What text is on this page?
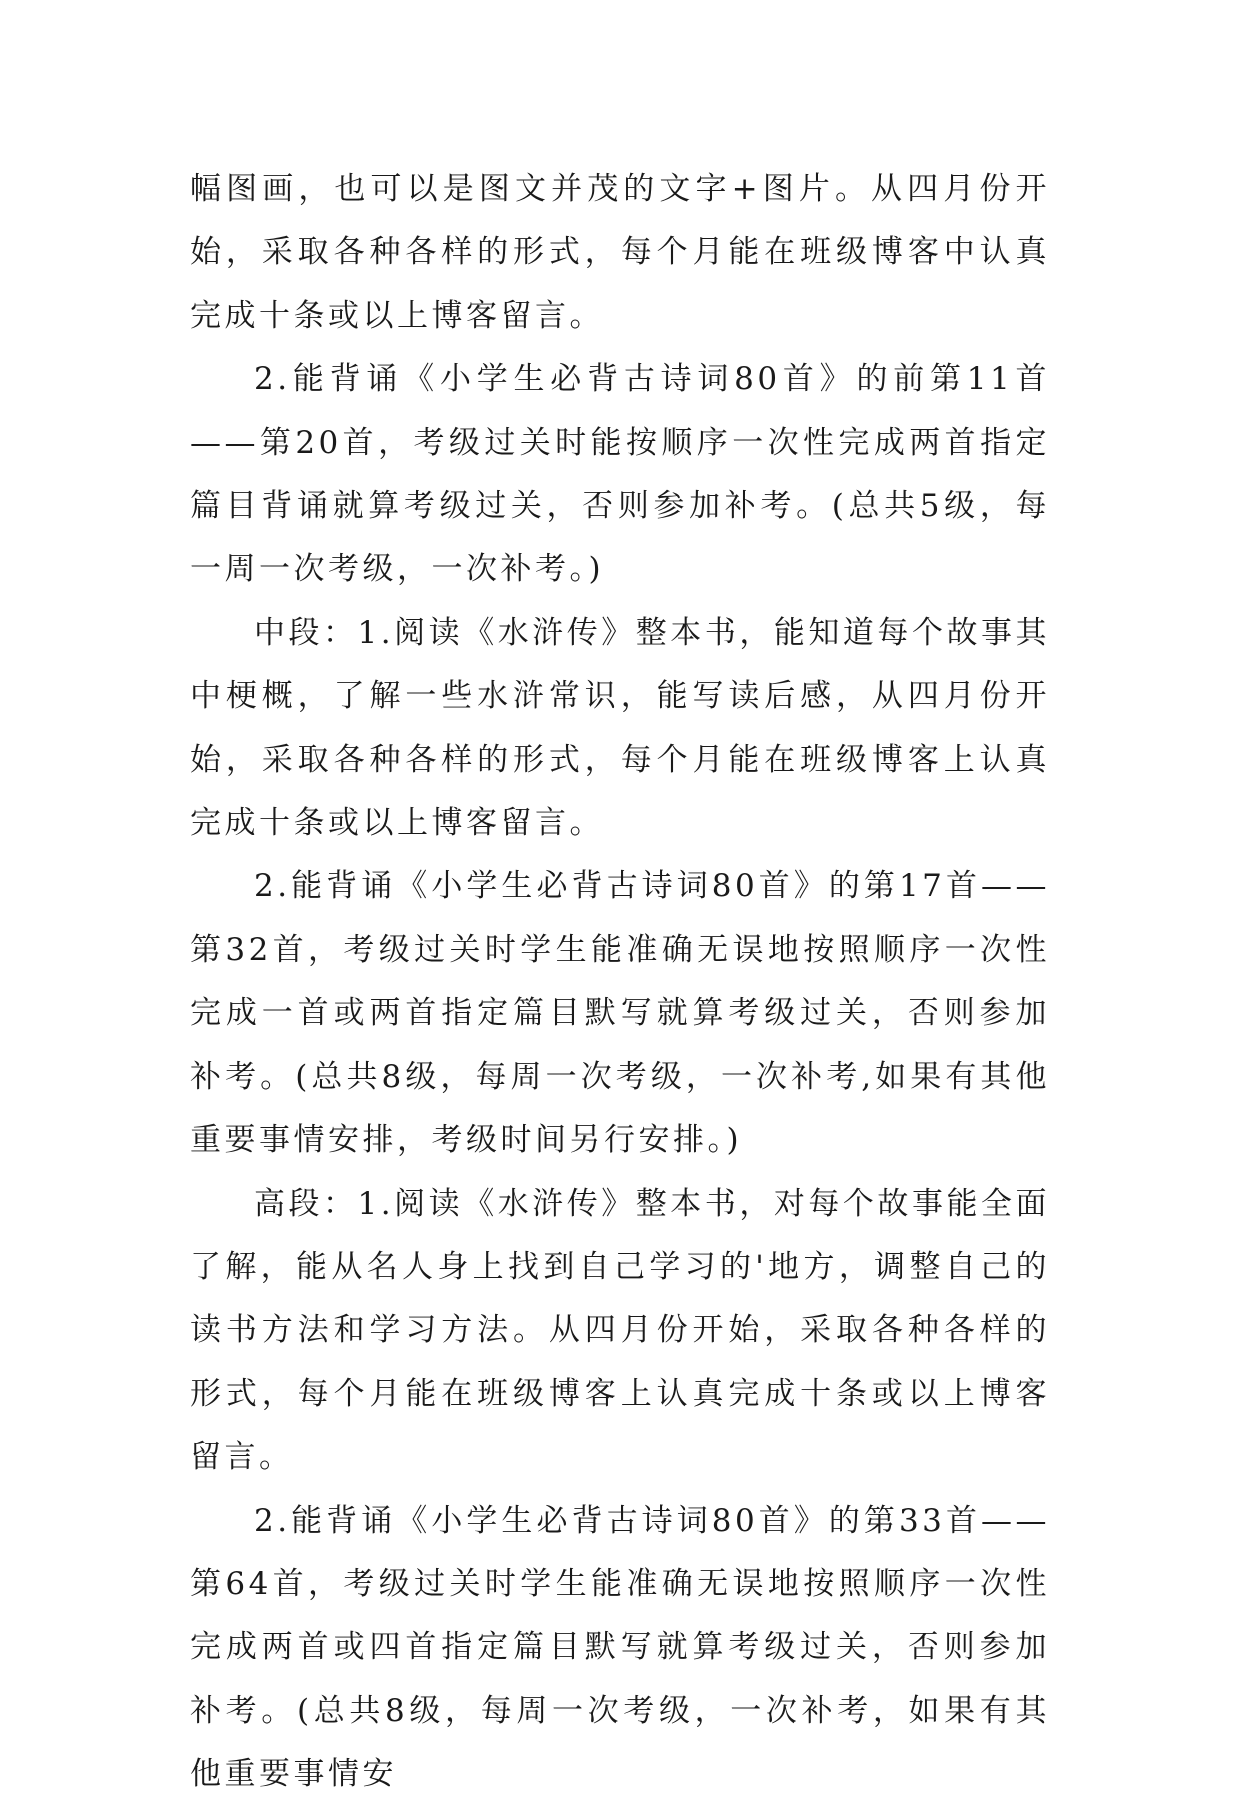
幅图画，也可以是图文并茂的文字+图片。从四月份开始，采取各种各样的形式，每个月能在班级博客中认真完成十条或以上博客留言。

2.能背诵《小学生必背古诗词80首》的前第11首——第20首，考级过关时能按顺序一次性完成两首指定篇目背诵就算考级过关，否则参加补考。(总共5级，每一周一次考级，一次补考。)

中段：1.阅读《水浒传》整本书，能知道每个故事其中梗概，了解一些水浒常识，能写读后感，从四月份开始，采取各种各样的形式，每个月能在班级博客上认真完成十条或以上博客留言。

2.能背诵《小学生必背古诗词80首》的第17首——第32首，考级过关时学生能准确无误地按照顺序一次性完成一首或两首指定篇目默写就算考级过关，否则参加补考。(总共8级，每周一次考级，一次补考,如果有其他重要事情安排，考级时间另行安排。)

高段：1.阅读《水浒传》整本书，对每个故事能全面了解，能从名人身上找到自己学习的'地方，调整自己的读书方法和学习方法。从四月份开始，采取各种各样的形式，每个月能在班级博客上认真完成十条或以上博客留言。

2.能背诵《小学生必背古诗词80首》的第33首——第64首，考级过关时学生能准确无误地按照顺序一次性完成两首或四首指定篇目默写就算考级过关，否则参加补考。(总共8级，每周一次考级，一次补考，如果有其他重要事情安
